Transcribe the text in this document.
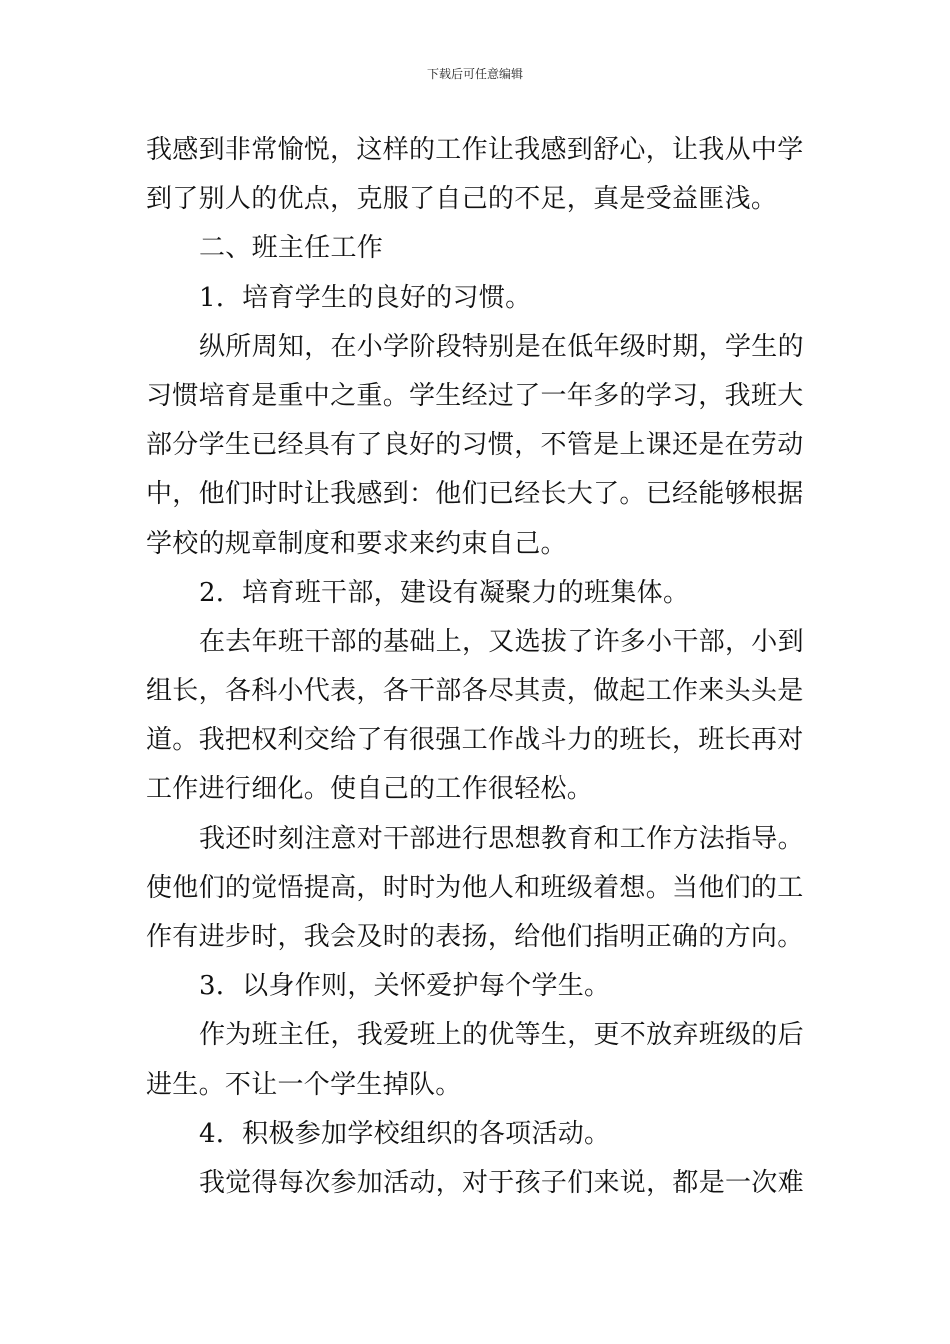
下载后可任意编辑
我感到非常愉悦，这样的工作让我感到舒心，让我从中学
到了别人的优点，克服了自己的不足，真是受益匪浅。
二、班主任工作
1．培育学生的良好的习惯。
纵所周知，在小学阶段特别是在低年级时期，学生的
习惯培育是重中之重。学生经过了一年多的学习，我班大
部分学生已经具有了良好的习惯，不管是上课还是在劳动
中，他们时时让我感到：他们已经长大了。已经能够根据
学校的规章制度和要求来约束自己。
2．培育班干部，建设有凝聚力的班集体。
在去年班干部的基础上，又选拔了许多小干部，小到
组长，各科小代表，各干部各尽其责，做起工作来头头是
道。我把权利交给了有很强工作战斗力的班长，班长再对
工作进行细化。使自己的工作很轻松。
我还时刻注意对干部进行思想教育和工作方法指导。
使他们的觉悟提高，时时为他人和班级着想。当他们的工
作有进步时，我会及时的表扬，给他们指明正确的方向。
3．以身作则，关怀爱护每个学生。
作为班主任，我爱班上的优等生，更不放弃班级的后
进生。不让一个学生掉队。
4．积极参加学校组织的各项活动。
我觉得每次参加活动，对于孩子们来说，都是一次难
